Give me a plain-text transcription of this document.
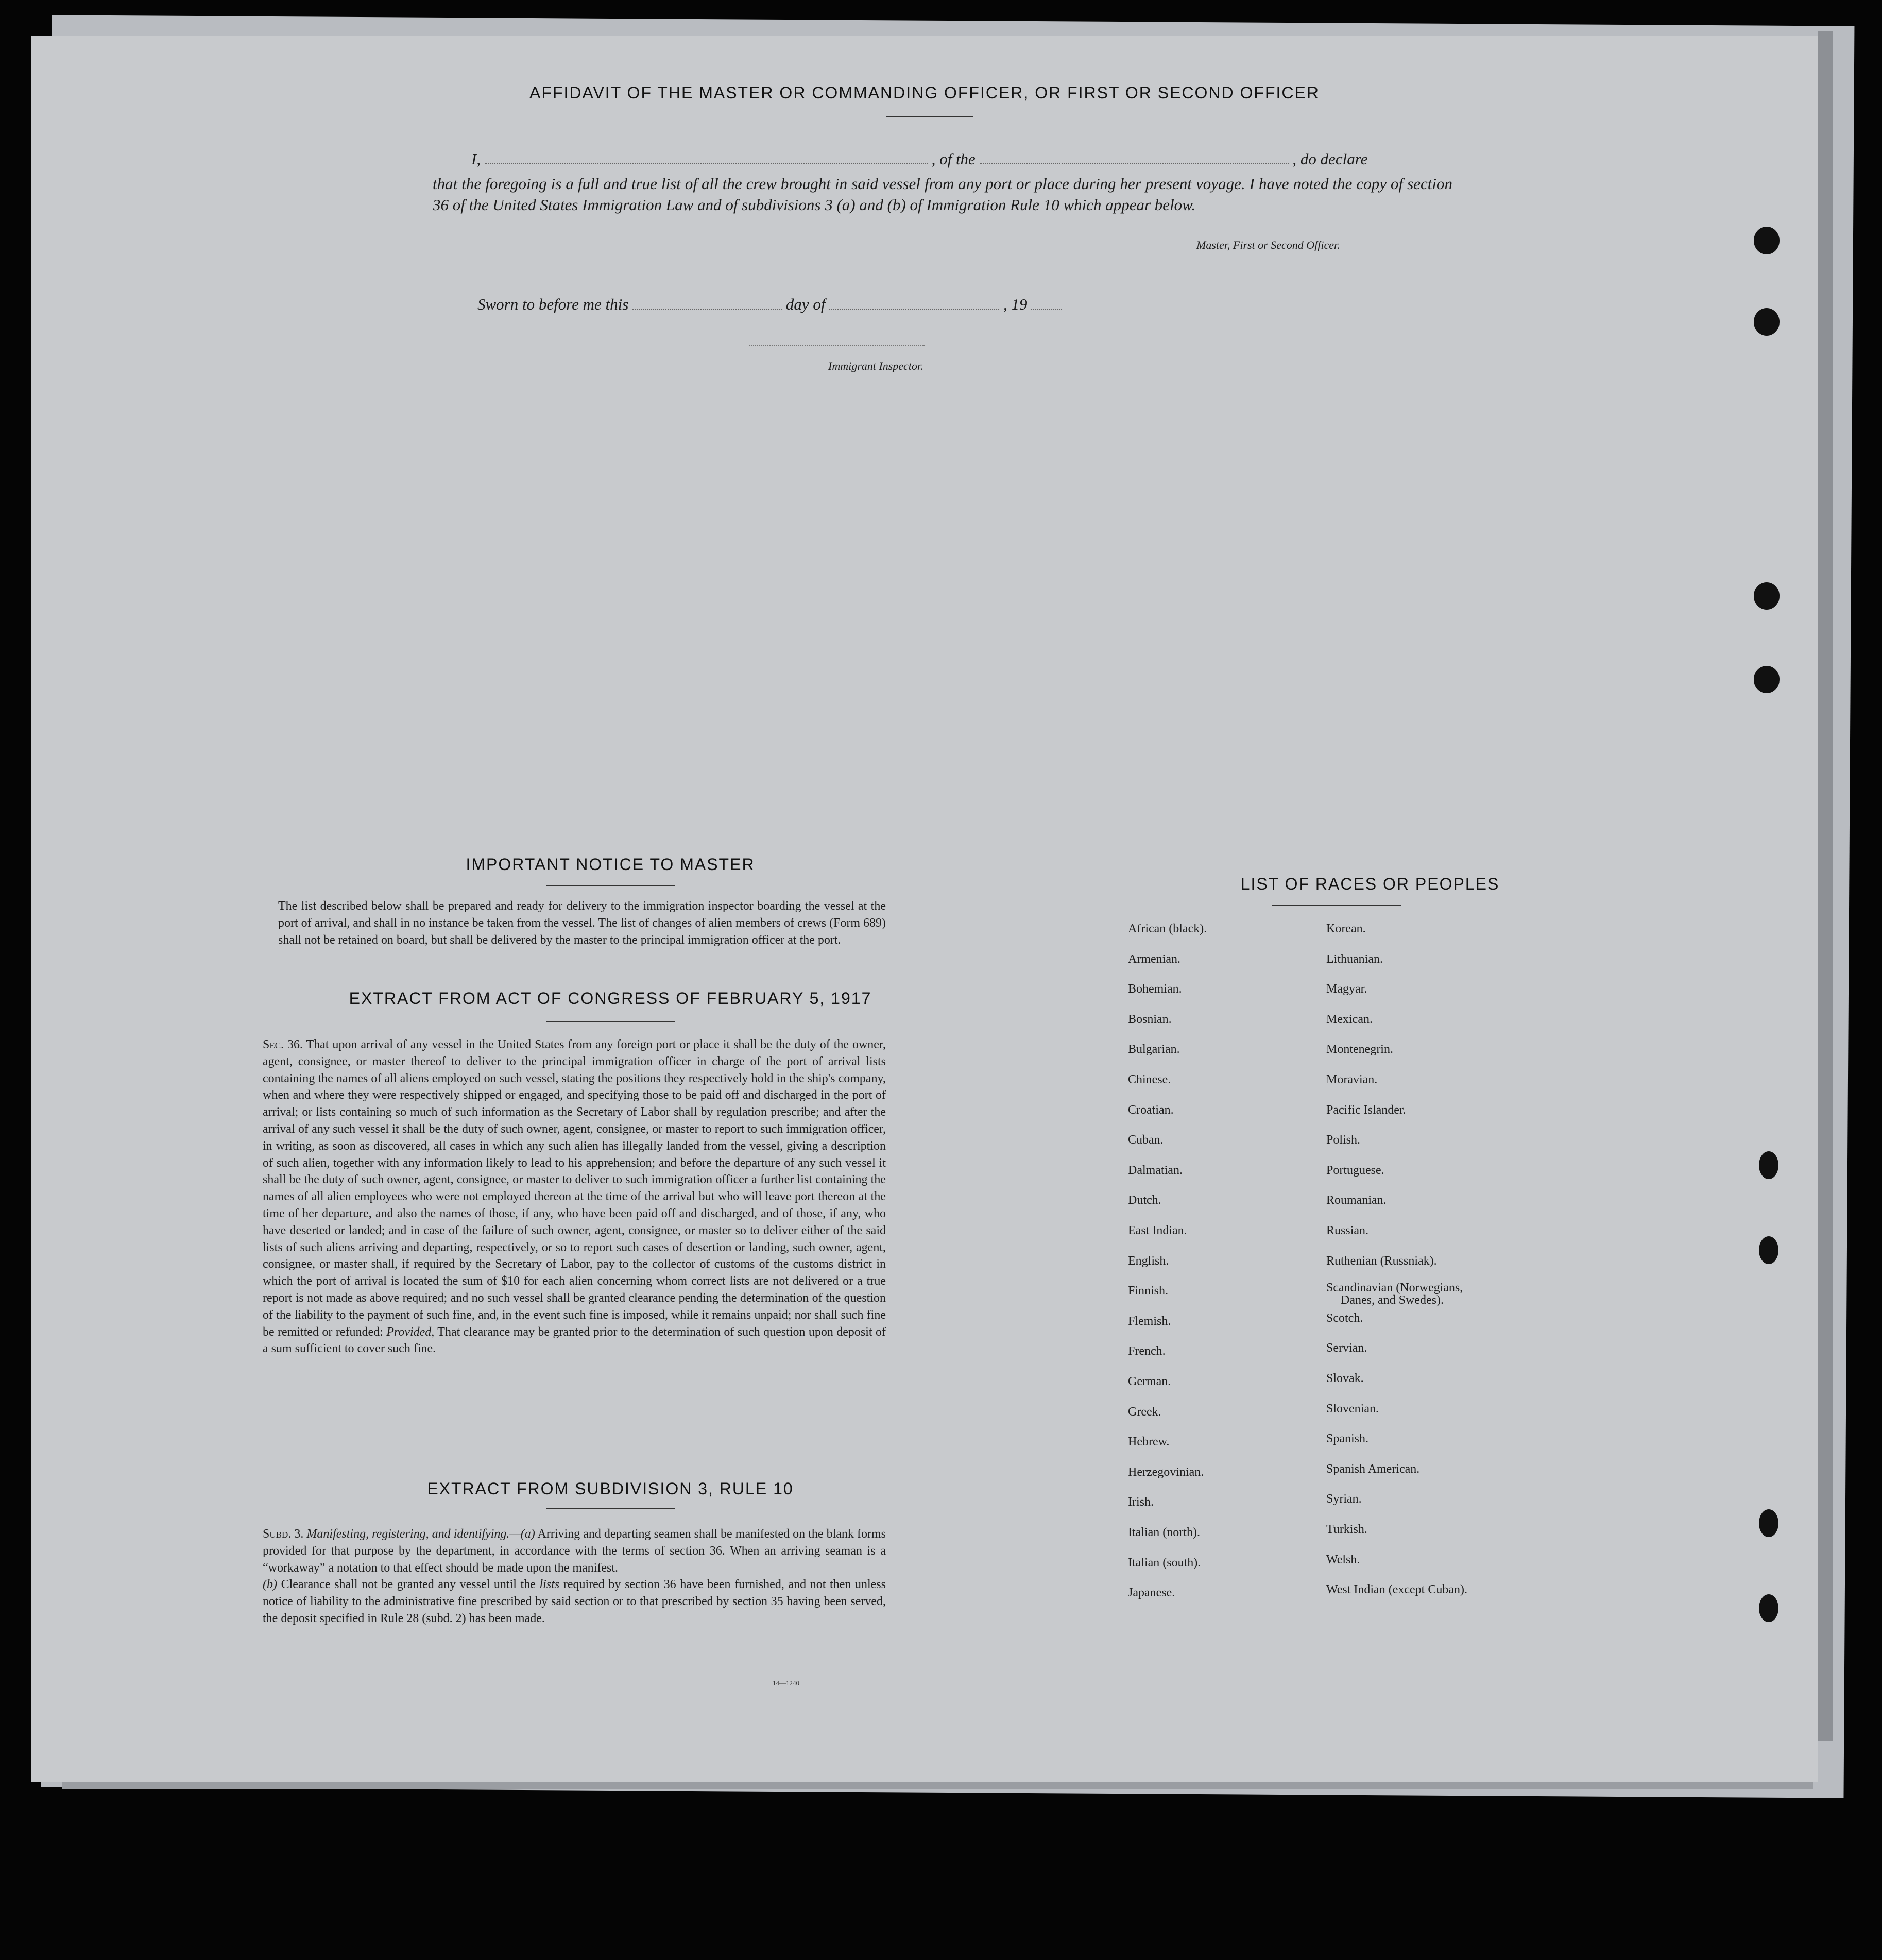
AFFIDAVIT OF THE MASTER OR COMMANDING OFFICER, OR FIRST OR SECOND OFFICER
I,	, of the	, do declare
that the foregoing is a full and true list of all the crew brought in said vessel from any port or place during her present voyage. I have noted the copy of section 36 of the United States Immigration Law and of subdivisions 3 (a) and (b) of Immigration Rule 10 which appear below.
Master, First or Second Officer.
Sworn to before me this	day of	, 19
Immigrant Inspector.
IMPORTANT NOTICE TO MASTER
The list described below shall be prepared and ready for delivery to the immigration inspector boarding the vessel at the port of arrival, and shall in no instance be taken from the vessel. The list of changes of alien members of crews (Form 689) shall not be retained on board, but shall be delivered by the master to the principal immigration officer at the port.
EXTRACT FROM ACT OF CONGRESS OF FEBRUARY 5, 1917

Sec. 36. That upon arrival of any vessel in the United States from any foreign port or place it shall be the duty of the owner, agent, consignee, or master thereof to deliver to the principal immigration officer in charge of the port of arrival lists containing the names of all aliens employed on such vessel, stating the positions they respectively hold in the ship's company, when and where they were respectively shipped or engaged, and specifying those to be paid off and discharged in the port of arrival; or lists containing so much of such information as the Secretary of Labor shall by regulation prescribe; and after the arrival of any such vessel it shall be the duty of such owner, agent, consignee, or master to report to such immigration officer, in writing, as soon as discovered, all cases in which any such alien has illegally landed from the vessel, giving a description of such alien, together with any information likely to lead to his apprehension; and before the departure of any such vessel it shall be the duty of such owner, agent, consignee, or master to deliver to such immigration officer a further list containing the names of all alien employees who were not employed thereon at the time of the arrival but who will leave port thereon at the time of her departure, and also the names of those, if any, who have been paid off and discharged, and of those, if any, who have deserted or landed; and in case of the failure of such owner, agent, consignee, or master so to deliver either of the said lists of such aliens arriving and departing, respectively, or so to report such cases of desertion or landing, such owner, agent, consignee, or master shall, if required by the Secretary of Labor, pay to the collector of customs of the customs district in which the port of arrival is located the sum of $10 for each alien concerning whom correct lists are not delivered or a true report is not made as above required; and no such vessel shall be granted clearance pending the determination of the question of the liability to the payment of such fine, and, in the event such fine is imposed, while it remains unpaid; nor shall such fine be remitted or refunded: Provided, That clearance may be granted prior to the determination of such question upon deposit of a sum sufficient to cover such fine.

EXTRACT FROM SUBDIVISION 3, RULE 10

Subd. 3. Manifesting, registering, and identifying.—(a) Arriving and departing seamen shall be manifested on the blank forms provided for that purpose by the department, in accordance with the terms of section 36. When an arriving seaman is a “workaway” a notation to that effect should be made upon the manifest.

(b) Clearance shall not be granted any vessel until the lists required by section 36 have been furnished, and not then unless notice of liability to the administrative fine prescribed by said section or to that prescribed by section 35 having been served, the deposit specified in Rule 28 (subd. 2) has been made.

14—1240
LIST OF RACES OR PEOPLES
African (black).
Armenian.
Bohemian.
Bosnian.
Bulgarian.
Chinese.
Croatian.
Cuban.
Dalmatian.
Dutch.
East Indian.
English.
Finnish.
Flemish.
French.
German.
Greek.
Hebrew.
Herzegovinian.
Irish.
Italian (north).
Italian (south).
Japanese.
Korean.
Lithuanian.
Magyar.
Mexican.
Montenegrin.
Moravian.
Pacific Islander.
Polish.
Portuguese.
Roumanian.
Russian.
Ruthenian (Russniak).
Scandinavian (Norwegians,
Danes, and Swedes).
Scotch.
Servian.
Slovak.
Slovenian.
Spanish.
Spanish American.
Syrian.
Turkish.
Welsh.
West Indian (except Cuban).
